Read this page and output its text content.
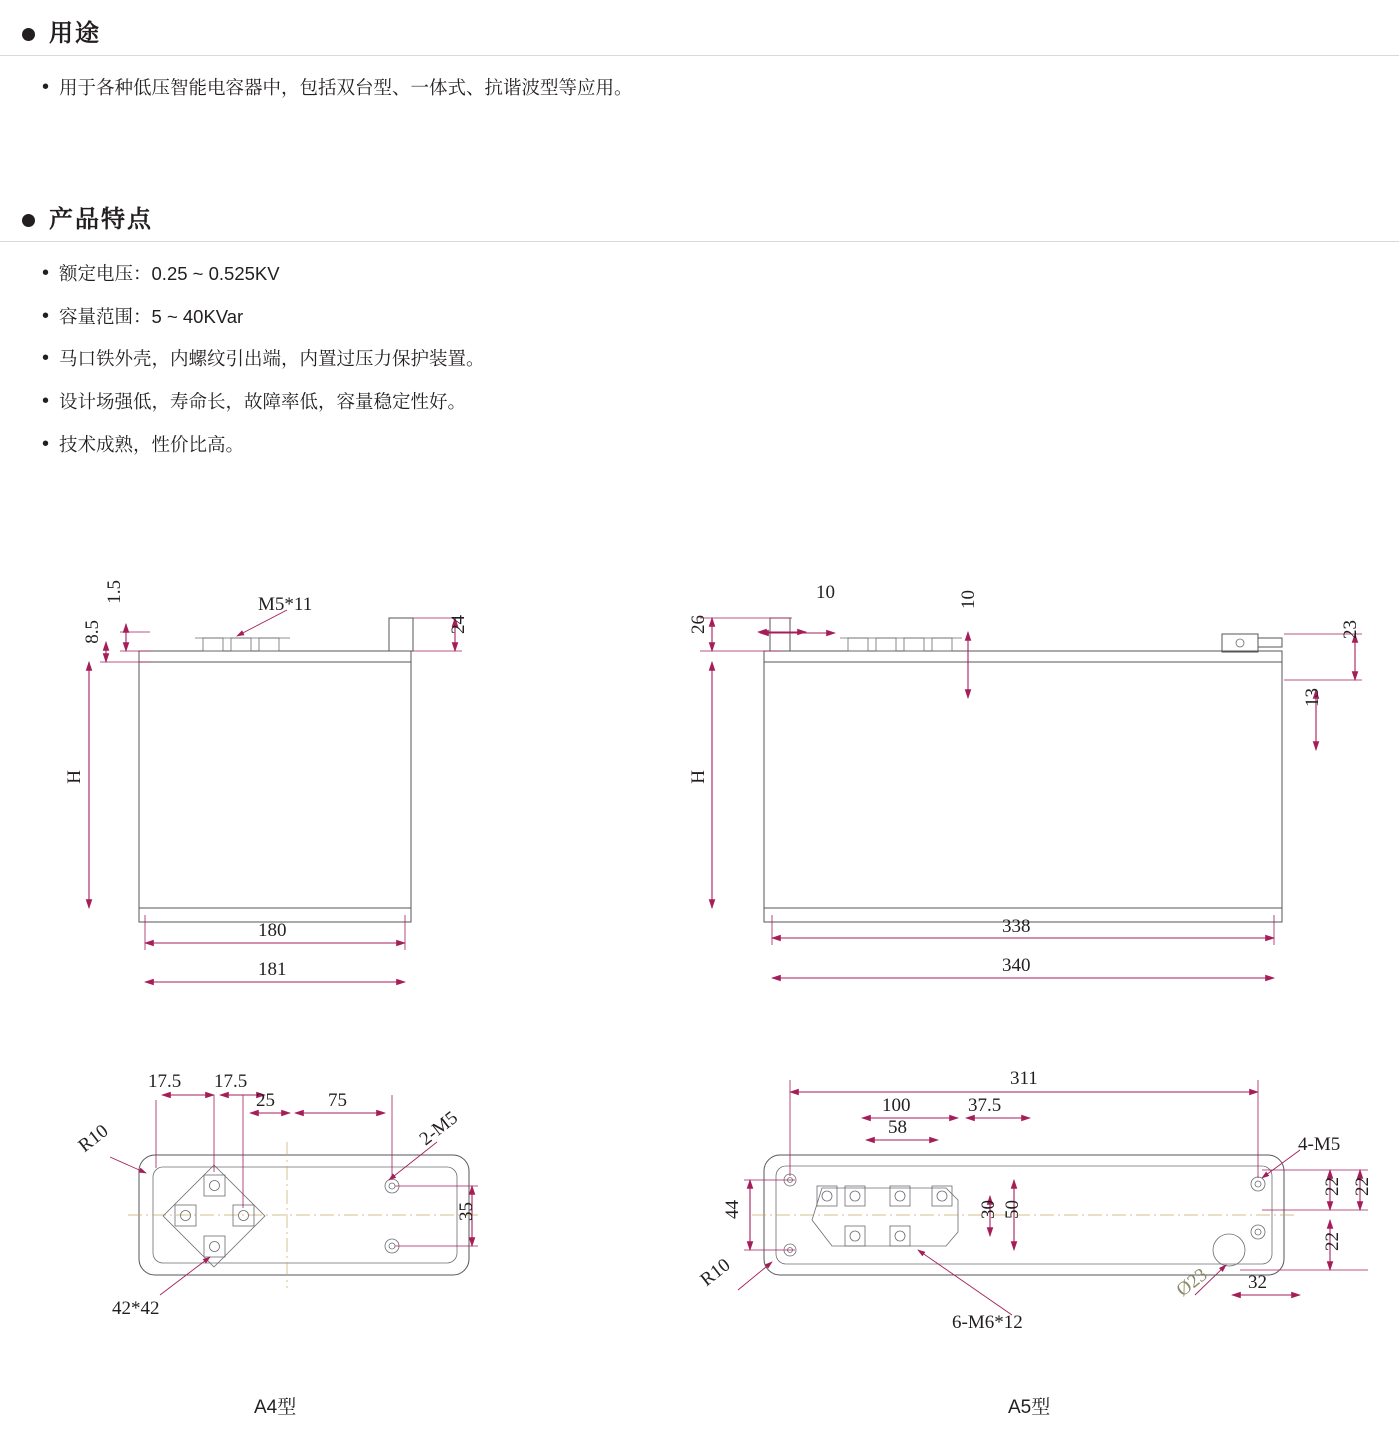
用途
• 用于各种低压智能电容器中，包括双台型、一体式、抗谐波型等应用。
产品特点
• 额定电压：0.25 ~ 0.525KV
• 容量范围：5 ~ 40KVar
• 马口铁外壳，内螺纹引出端，内置过压力保护装置。
• 设计场强低，寿命长，故障率低，容量稳定性好。
• 技术成熟，性价比高。
1.5
8.5	24
M5*11
H
180
181
17.5 17.5
25	75
R10	2-M5
35
42*42
A4型
10	10
26	23
13
H
338
340
311
100
58
37.5
44	30 50
4-M5
22 22
22
32
R10	Ø23
6-M6*12
A5型
